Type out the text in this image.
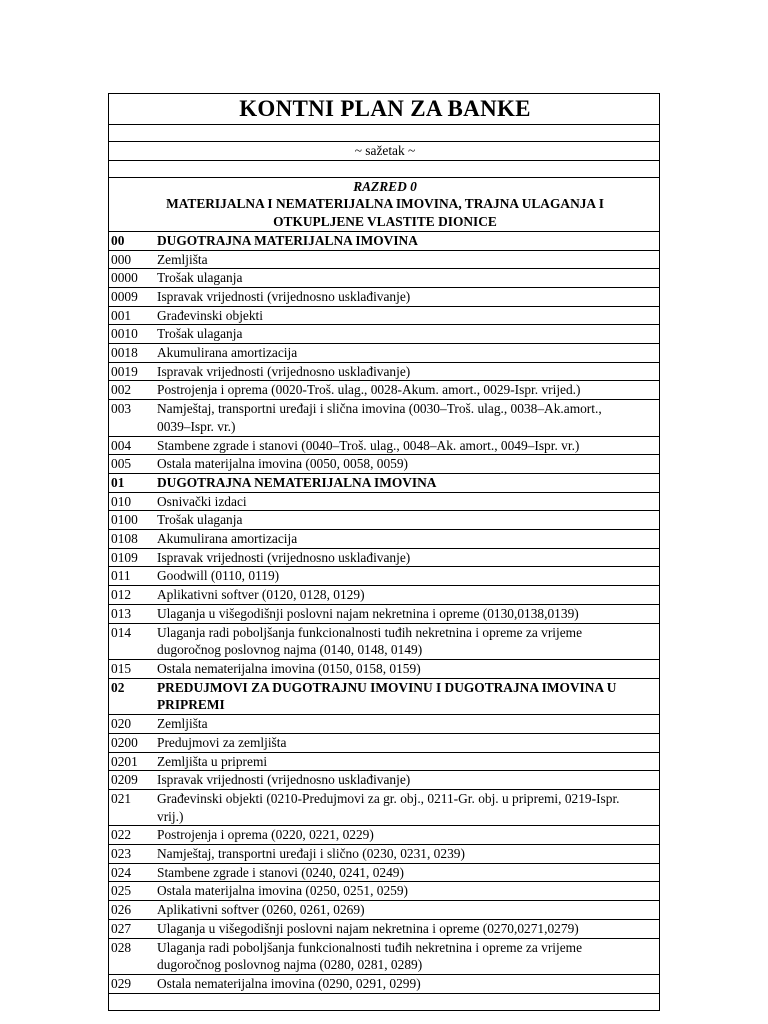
KONTNI PLAN ZA BANKE

~ sažetak ~

RAZRED 0
MATERIJALNA I NEMATERIJALNA IMOVINA, TRAJNA ULAGANJA I
OTKUPLJENE VLASTITE DIONICE

00 DUGOTRAJNA MATERIJALNA IMOVINA
000 Zemljišta
0000 Trošak ulaganja
0009 Ispravak vrijednosti (vrijednosno usklađivanje)
001 Građevinski objekti
0010 Trošak ulaganja
0018 Akumulirana amortizacija
0019 Ispravak vrijednosti (vrijednosno usklađivanje)
002 Postrojenja i oprema (0020-Troš. ulag., 0028-Akum. amort., 0029-Ispr. vrijed.)
003 Namještaj, transportni uređaji i slična imovina (0030–Troš. ulag., 0038–Ak.amort., 0039–Ispr. vr.)
004 Stambene zgrade i stanovi (0040–Troš. ulag., 0048–Ak. amort., 0049–Ispr. vr.)
005 Ostala materijalna imovina (0050, 0058, 0059)
01 DUGOTRAJNA NEMATERIJALNA IMOVINA
010 Osnivački izdaci
0100 Trošak ulaganja
0108 Akumulirana amortizacija
0109 Ispravak vrijednosti (vrijednosno usklađivanje)
011 Goodwill (0110, 0119)
012 Aplikativni softver (0120, 0128, 0129)
013 Ulaganja u višegodišnji poslovni najam nekretnina i opreme (0130,0138,0139)
014 Ulaganja radi poboljšanja funkcionalnosti tuđih nekretnina i opreme za vrijeme dugoročnog poslovnog najma (0140, 0148, 0149)
015 Ostala nematerijalna imovina (0150, 0158, 0159)
02 PREDUJMOVI ZA DUGOTRAJNU IMOVINU I DUGOTRAJNA IMOVINA U PRIPREMI
020 Zemljišta
0200 Predujmovi za zemljišta
0201 Zemljišta u pripremi
0209 Ispravak vrijednosti (vrijednosno usklađivanje)
021 Građevinski objekti (0210-Predujmovi za gr. obj., 0211-Gr. obj. u pripremi, 0219-Ispr. vrij.)
022 Postrojenja i oprema (0220, 0221, 0229)
023 Namještaj, transportni uređaji i slično (0230, 0231, 0239)
024 Stambene zgrade i stanovi (0240, 0241, 0249)
025 Ostala materijalna imovina (0250, 0251, 0259)
026 Aplikativni softver (0260, 0261, 0269)
027 Ulaganja u višegodišnji poslovni najam nekretnina i opreme (0270,0271,0279)
028 Ulaganja radi poboljšanja funkcionalnosti tuđih nekretnina i opreme za vrijeme dugoročnog poslovnog najma (0280, 0281, 0289)
029 Ostala nematerijalna imovina (0290, 0291, 0299)
